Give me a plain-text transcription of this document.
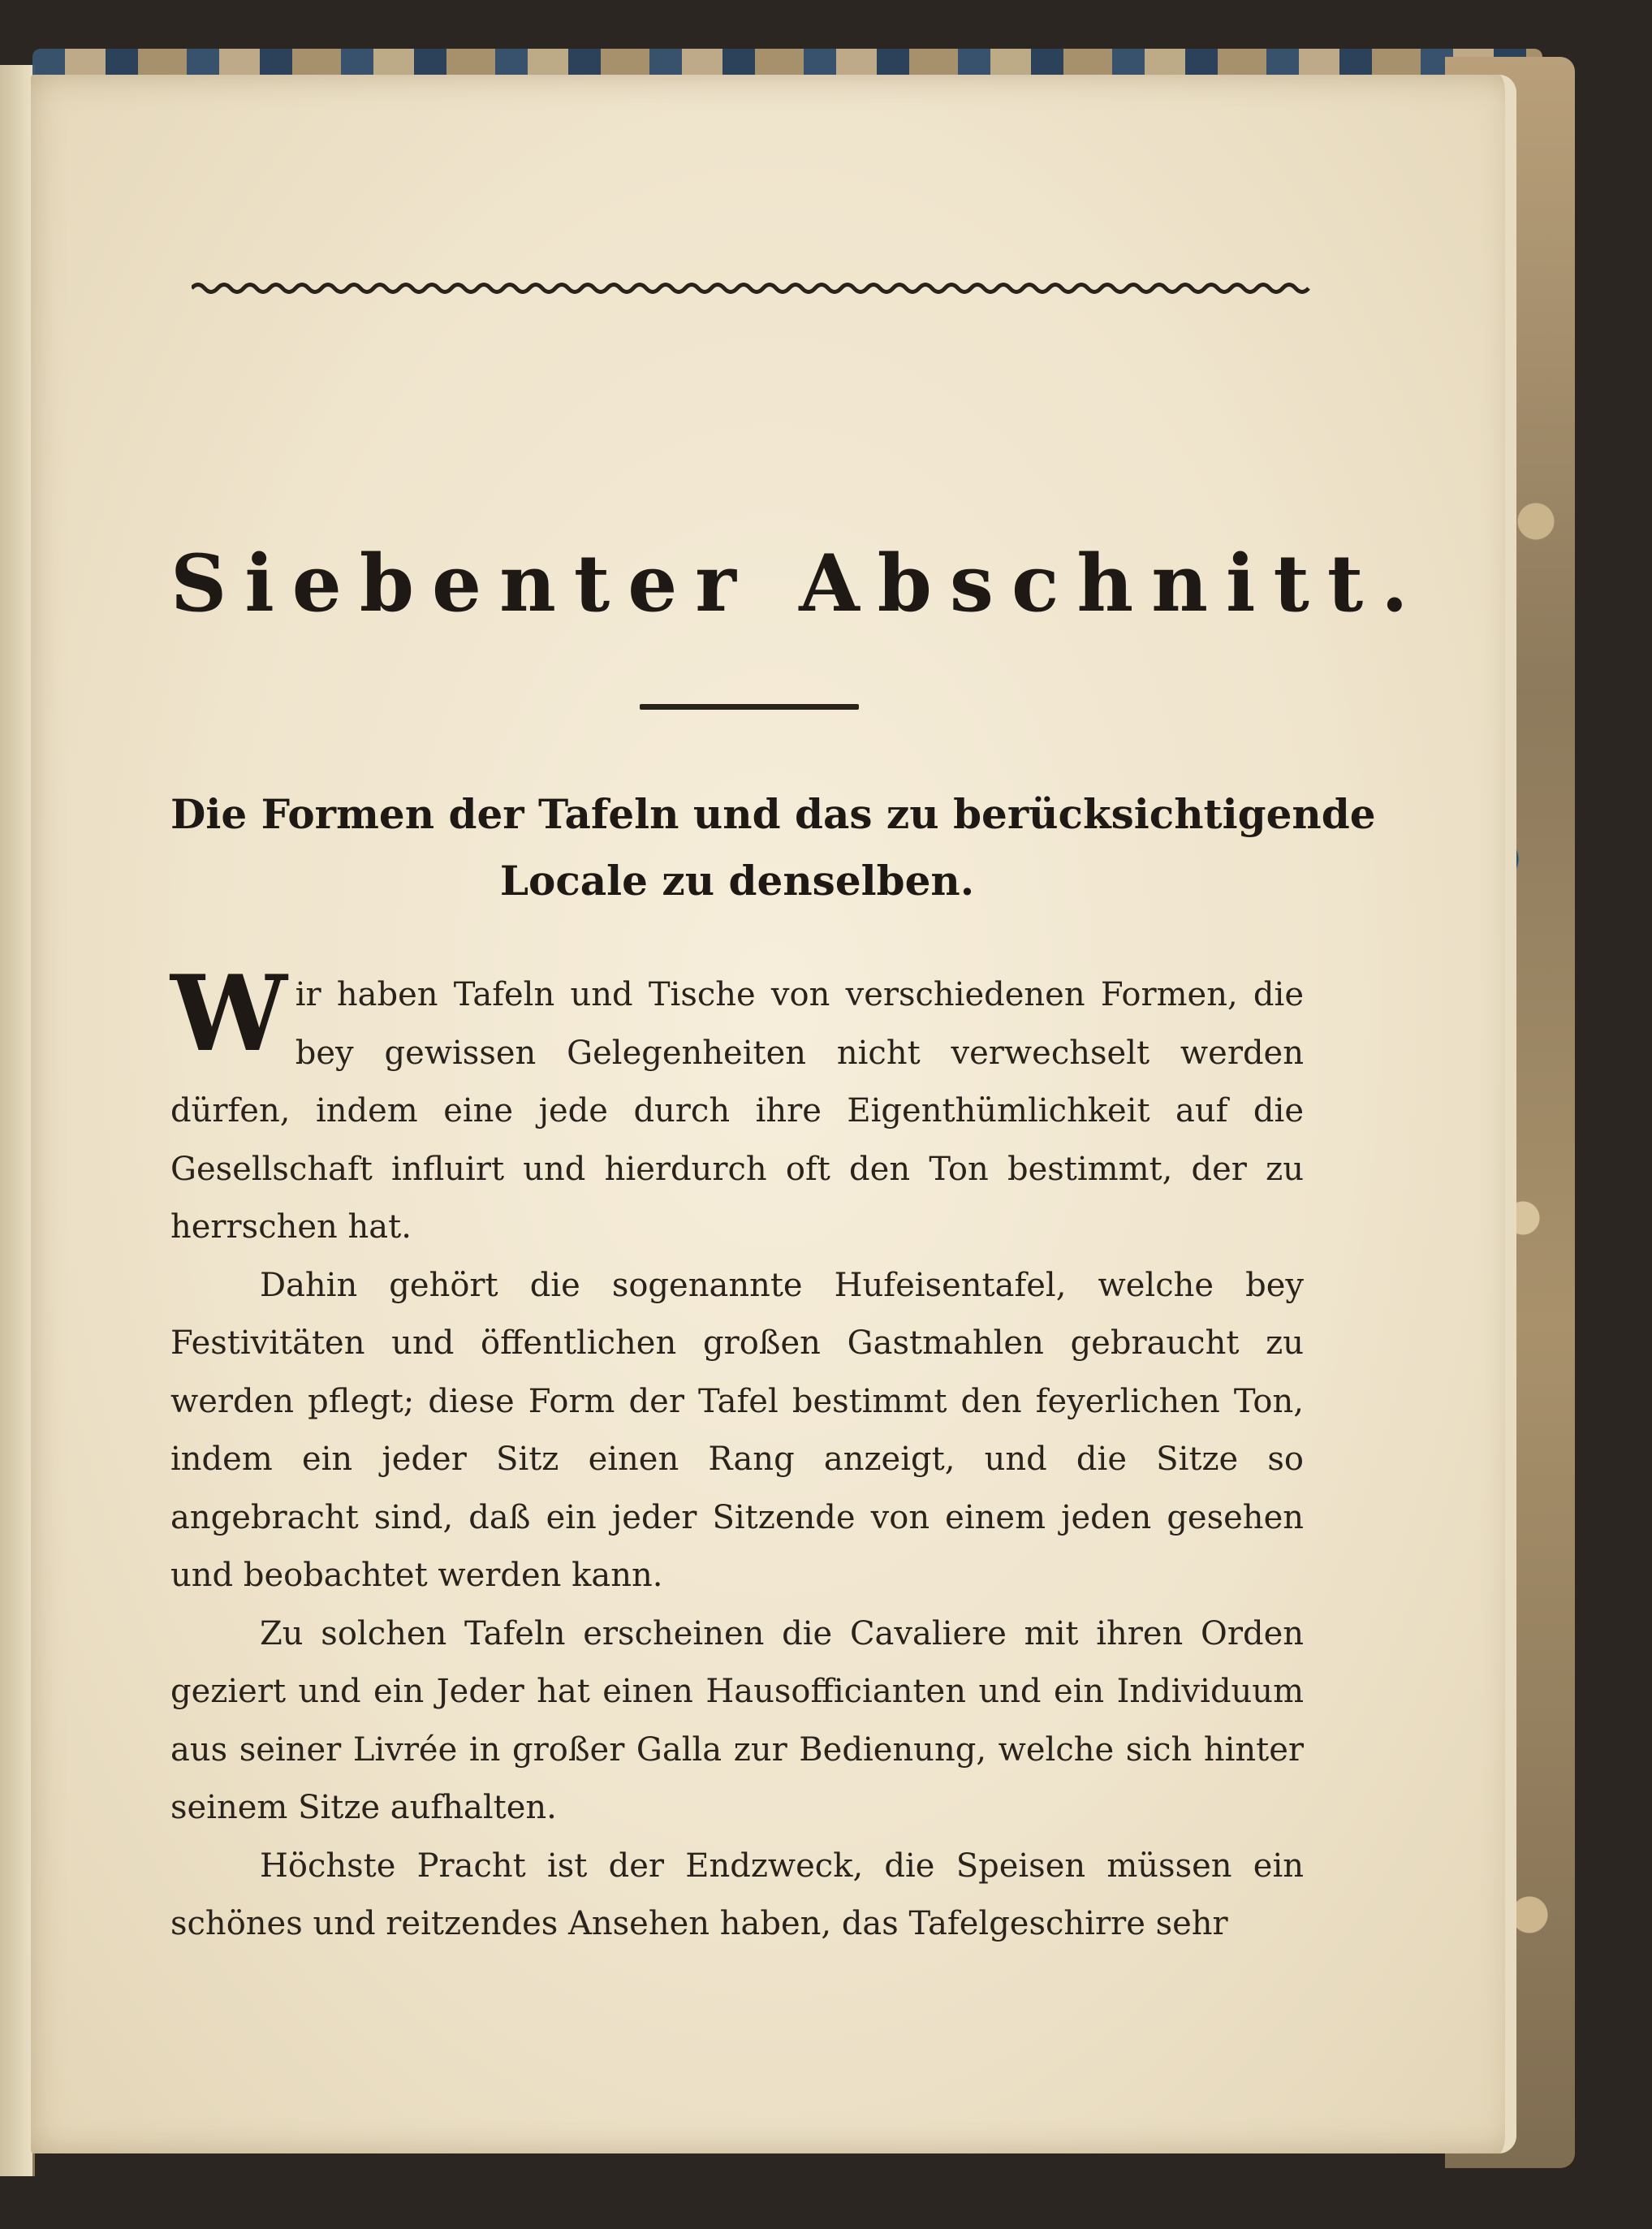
Siebenter Abschnitt.
Die Formen der Tafeln und das zu berücksichtigende
Locale zu denselben.

Wir haben Tafeln und Tische von verschiedenen Formen, die bey gewissen Gelegenheiten nicht verwechselt werden dürfen, indem eine jede durch ihre Eigenthümlichkeit auf die Gesellschaft influirt und hierdurch oft den Ton bestimmt, der zu herrschen hat.

Dahin gehört die sogenannte Hufeisentafel, welche bey Festivitäten und öffentlichen großen Gastmahlen gebraucht zu werden pflegt; diese Form der Tafel bestimmt den feyerlichen Ton, indem ein jeder Sitz einen Rang anzeigt, und die Sitze so angebracht sind, daß ein jeder Sitzende von einem jeden gesehen und beobachtet werden kann.

Zu solchen Tafeln erscheinen die Cavaliere mit ihren Orden geziert und ein Jeder hat einen Hausofficianten und ein Individuum aus seiner Livrée in großer Galla zur Bedienung, welche sich hinter seinem Sitze aufhalten.

Höchste Pracht ist der Endzweck, die Speisen müssen ein schönes und reitzendes Ansehen haben, das Tafelgeschirre sehr
